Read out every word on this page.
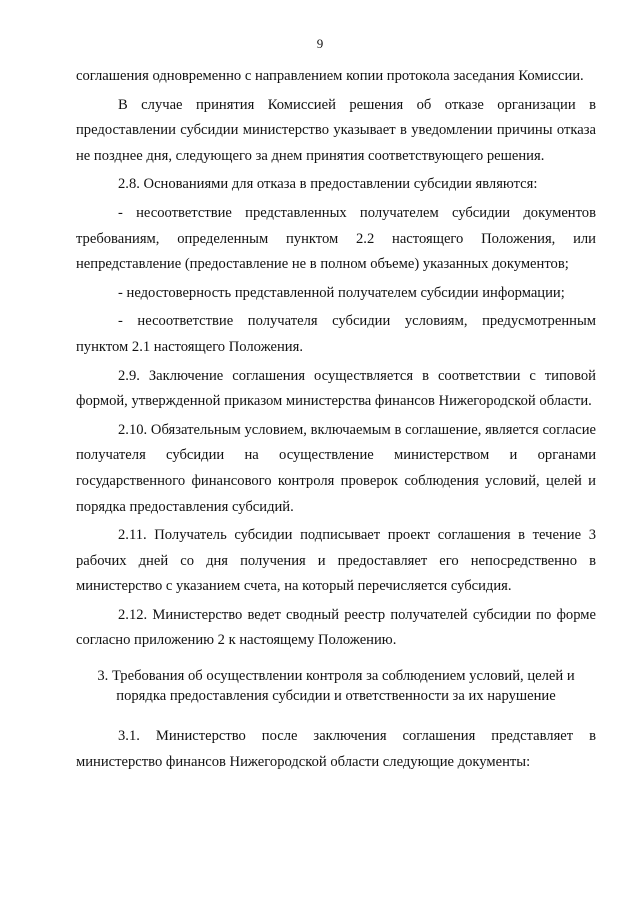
9

соглашения одновременно с направлением копии протокола заседания Комиссии.

В случае принятия Комиссией решения об отказе организации в предоставлении субсидии министерство указывает в уведомлении причины отказа не позднее дня, следующего за днем принятия соответствующего решения.

2.8. Основаниями для отказа в предоставлении субсидии являются:

- несоответствие представленных получателем субсидии документов требованиям, определенным пунктом 2.2 настоящего Положения, или непредставление (предоставление не в полном объеме) указанных документов;

- недостоверность представленной получателем субсидии информации;

- несоответствие получателя субсидии условиям, предусмотренным пунктом 2.1 настоящего Положения.

2.9. Заключение соглашения осуществляется в соответствии с типовой формой, утвержденной приказом министерства финансов Нижегородской области.

2.10. Обязательным условием, включаемым в соглашение, является согласие получателя субсидии на осуществление министерством и органами государственного финансового контроля проверок соблюдения условий, целей и порядка предоставления субсидий.

2.11. Получатель субсидии подписывает проект соглашения в течение 3 рабочих дней со дня получения и предоставляет его непосредственно в министерство с указанием счета, на который перечисляется субсидия.

2.12. Министерство ведет сводный реестр получателей субсидии по форме согласно приложению 2 к настоящему Положению.

3. Требования об осуществлении контроля за соблюдением условий, целей и порядка предоставления субсидии и ответственности за их нарушение

3.1. Министерство после заключения соглашения представляет в министерство финансов Нижегородской области следующие документы:
